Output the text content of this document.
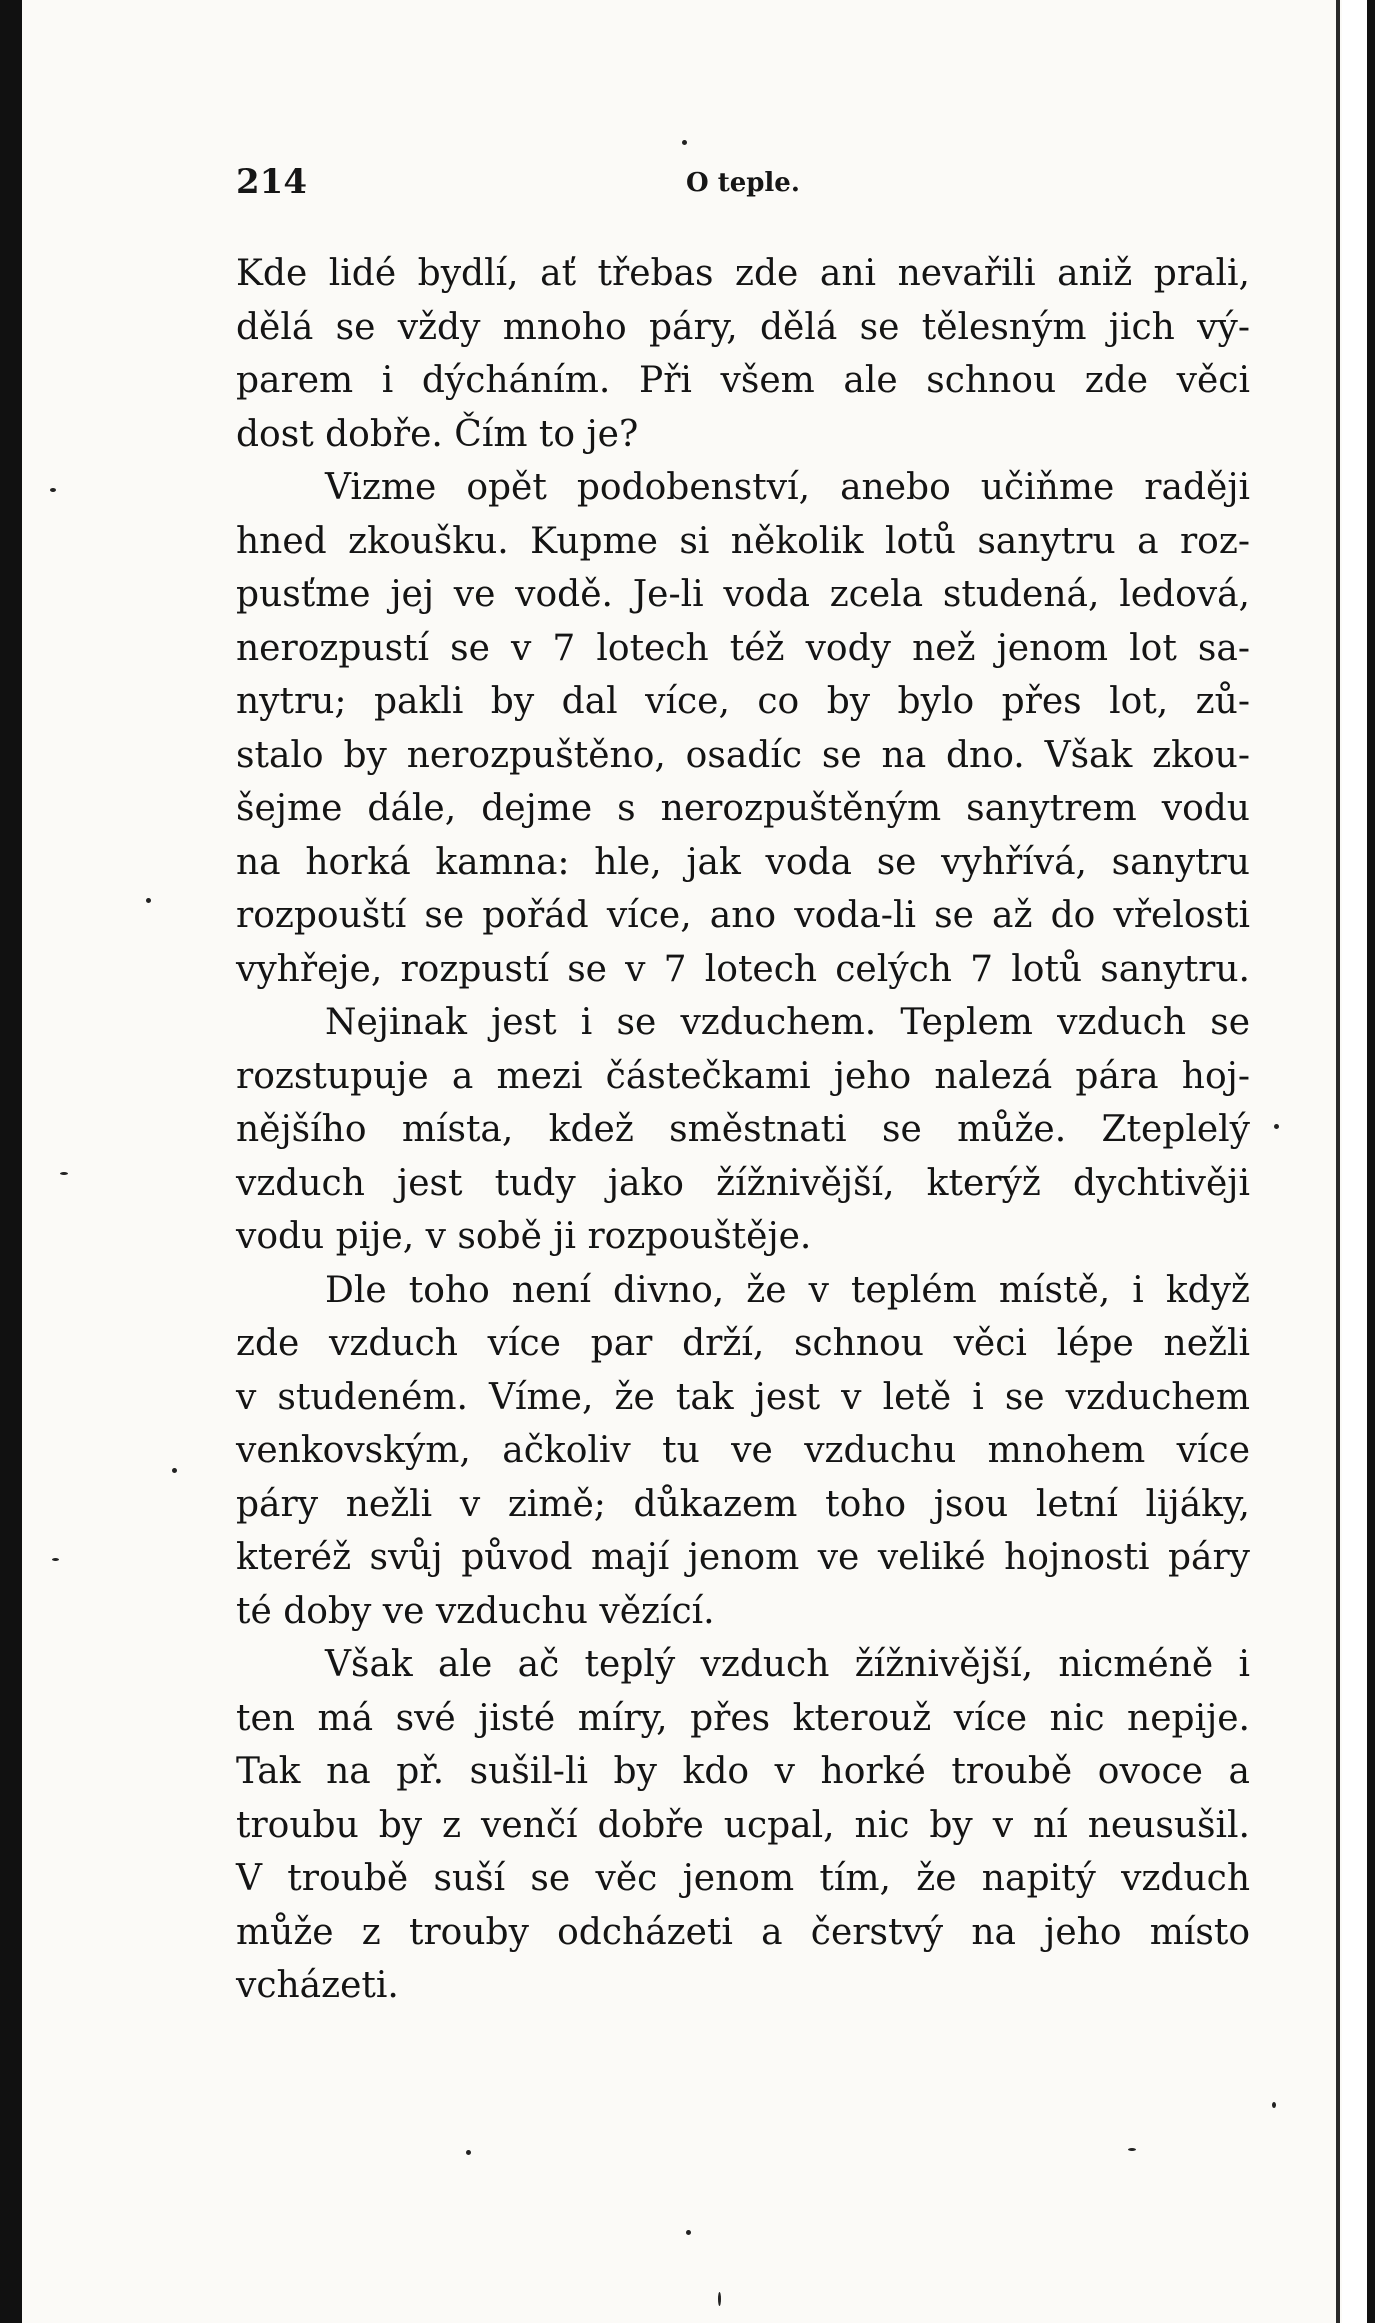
214	O teple.
Kde lidé bydlí, ať třebas zde ani nevařili aniž prali,
dělá se vždy mnoho páry, dělá se tělesným jich vý-
parem i dýcháním. Při všem ale schnou zde věci
dost dobře. Čím to je?
Vizme opět podobenství, anebo učiňme raději
hned zkoušku. Kupme si několik lotů sanytru a roz-
pusťme jej ve vodě. Je-li voda zcela studená, ledová,
nerozpustí se v 7 lotech též vody než jenom lot sa-
nytru; pakli by dal více, co by bylo přes lot, zů-
stalo by nerozpuštěno, osadíc se na dno. Však zkou-
šejme dále, dejme s nerozpuštěným sanytrem vodu
na horká kamna: hle, jak voda se vyhřívá, sanytru
rozpouští se pořád více, ano voda-li se až do vřelosti
vyhřeje, rozpustí se v 7 lotech celých 7 lotů sanytru.
Nejinak jest i se vzduchem. Teplem vzduch se
rozstupuje a mezi částečkami jeho nalezá pára hoj-
nějšího místa, kdež směstnati se může. Zteplelý
vzduch jest tudy jako žížnivější, kterýž dychtivěji
vodu pije, v sobě ji rozpouštěje.
Dle toho není divno, že v teplém místě, i když
zde vzduch více par drží, schnou věci lépe nežli
v studeném. Víme, že tak jest v letě i se vzduchem
venkovským, ačkoliv tu ve vzduchu mnohem více
páry nežli v zimě; důkazem toho jsou letní lijáky,
kteréž svůj původ mají jenom ve veliké hojnosti páry
té doby ve vzduchu vězící.
Však ale ač teplý vzduch žížnivější, nicméně i
ten má své jisté míry, přes kterouž více nic nepije.
Tak na př. sušil-li by kdo v horké troubě ovoce a
troubu by z venčí dobře ucpal, nic by v ní neusušil.
V troubě suší se věc jenom tím, že napitý vzduch
může z trouby odcházeti a čerstvý na jeho místo
vcházeti.
